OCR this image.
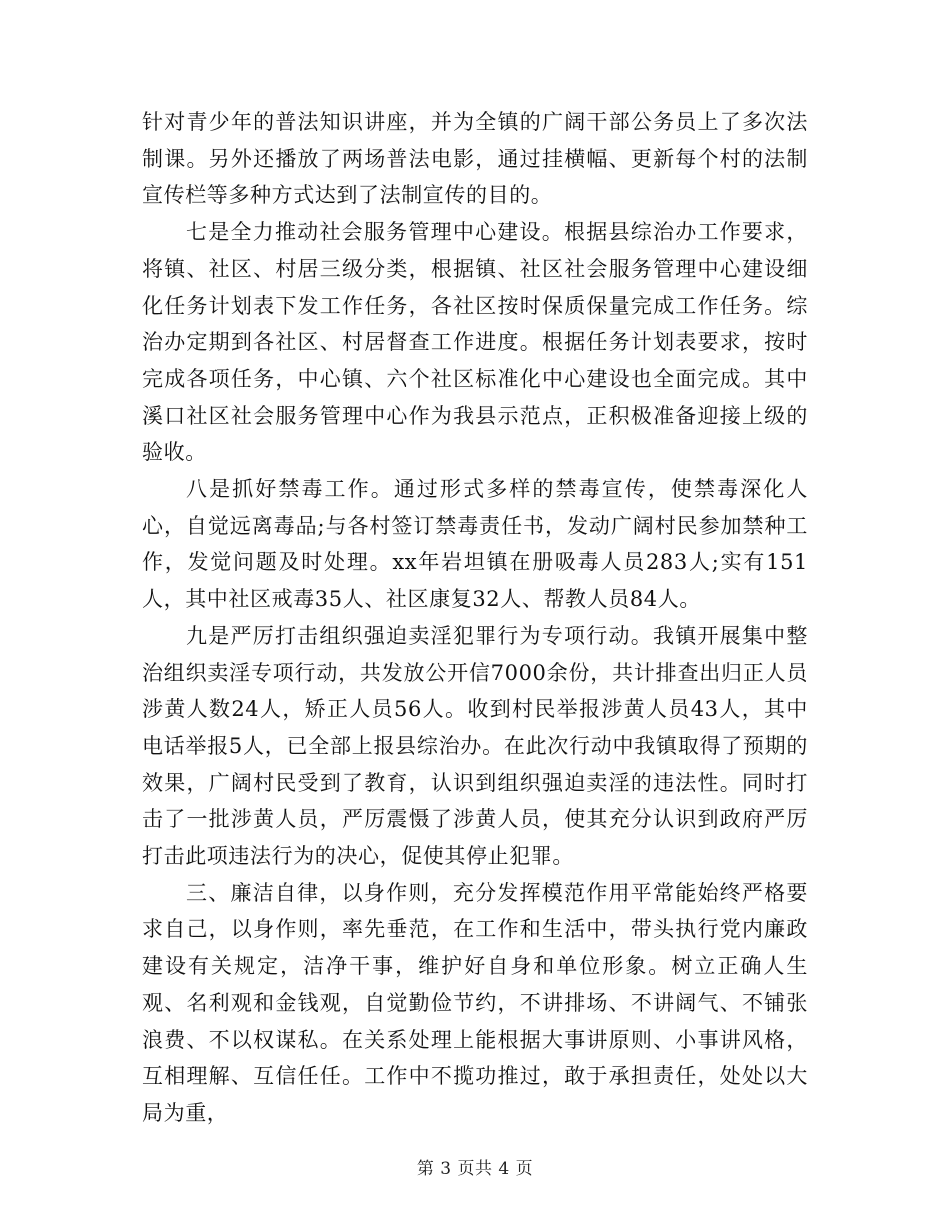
针对青少年的普法知识讲座，并为全镇的广阔干部公务员上了多次法制课。另外还播放了两场普法电影，通过挂横幅、更新每个村的法制宣传栏等多种方式达到了法制宣传的目的。

七是全力推动社会服务管理中心建设。根据县综治办工作要求，将镇、社区、村居三级分类，根据镇、社区社会服务管理中心建设细化任务计划表下发工作任务，各社区按时保质保量完成工作任务。综治办定期到各社区、村居督查工作进度。根据任务计划表要求，按时完成各项任务，中心镇、六个社区标准化中心建设也全面完成。其中溪口社区社会服务管理中心作为我县示范点，正积极准备迎接上级的验收。

八是抓好禁毒工作。通过形式多样的禁毒宣传，使禁毒深化人心，自觉远离毒品;与各村签订禁毒责任书，发动广阔村民参加禁种工作，发觉问题及时处理。xx年岩坦镇在册吸毒人员283人;实有151人，其中社区戒毒35人、社区康复32人、帮教人员84人。

九是严厉打击组织强迫卖淫犯罪行为专项行动。我镇开展集中整治组织卖淫专项行动，共发放公开信7000余份，共计排查出归正人员涉黄人数24人，矫正人员56人。收到村民举报涉黄人员43人，其中电话举报5人，已全部上报县综治办。在此次行动中我镇取得了预期的效果，广阔村民受到了教育，认识到组织强迫卖淫的违法性。同时打击了一批涉黄人员，严厉震慑了涉黄人员，使其充分认识到政府严厉打击此项违法行为的决心，促使其停止犯罪。

三、廉洁自律，以身作则，充分发挥模范作用平常能始终严格要求自己，以身作则，率先垂范，在工作和生活中，带头执行党内廉政建设有关规定，洁净干事，维护好自身和单位形象。树立正确人生观、名利观和金钱观，自觉勤俭节约，不讲排场、不讲阔气、不铺张浪费、不以权谋私。在关系处理上能根据大事讲原则、小事讲风格，互相理解、互信任任。工作中不揽功推过，敢于承担责任，处处以大局为重，

第 3 页共 4 页
